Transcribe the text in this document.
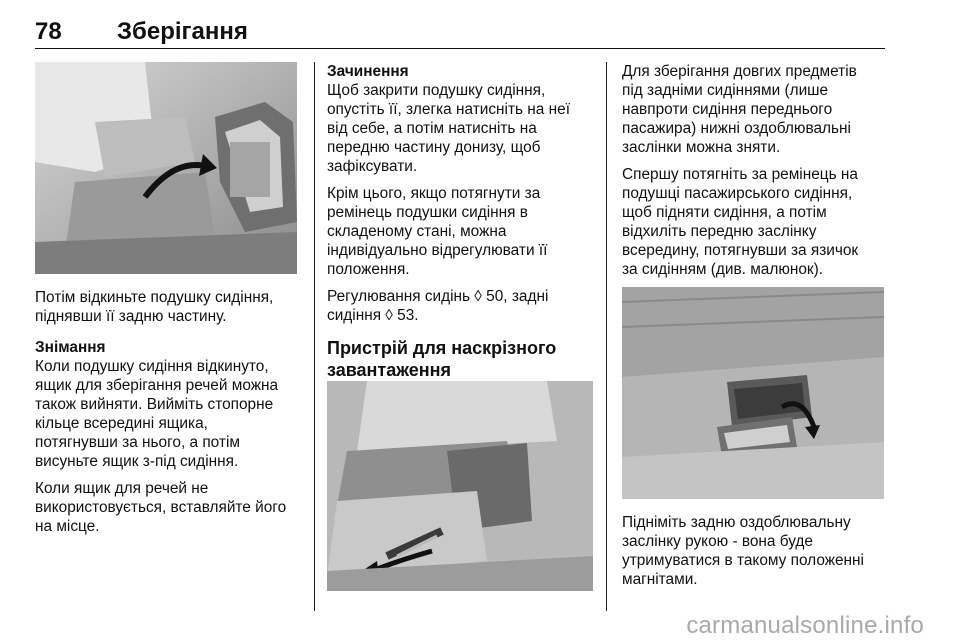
78 Зберігання

Потім відкиньте подушку сидіння,
піднявши її задню частину.

Знімання

Коли подушку сидіння відкинуто,
ящик для зберігання речей можна
також вийняти. Вийміть стопорне
кільце всередині ящика,
потягнувши за нього, а потім
висуньте ящик з-під сидіння.

Коли ящик для речей не
використовується, вставляйте його
на місце.

Зачинення

Щоб закрити подушку сидіння,
опустіть її, злегка натисніть на неї
від себе, а потім натисніть на
передню частину донизу, щоб
зафіксувати.

Крім цього, якщо потягнути за
ремінець подушки сидіння в
складеному стані, можна
індивідуально відрегулювати її
положення.

Регулювання сидінь ◊ 50, задні
сидіння ◊ 53.

Пристрій для наскрізного
завантаження

Для зберігання довгих предметів
під задніми сидіннями (лише
навпроти сидіння переднього
пасажира) нижні оздоблювальні
заслінки можна зняти.

Спершу потягніть за ремінець на
подушці пасажирського сидіння,
щоб підняти сидіння, а потім
відхиліть передню заслінку
всередину, потягнувши за язичок
за сидінням (див. малюнок).

Підніміть задню оздоблювальну
заслінку рукою - вона буде
утримуватися в такому положенні
магнітами.

carmanualsonline.info
